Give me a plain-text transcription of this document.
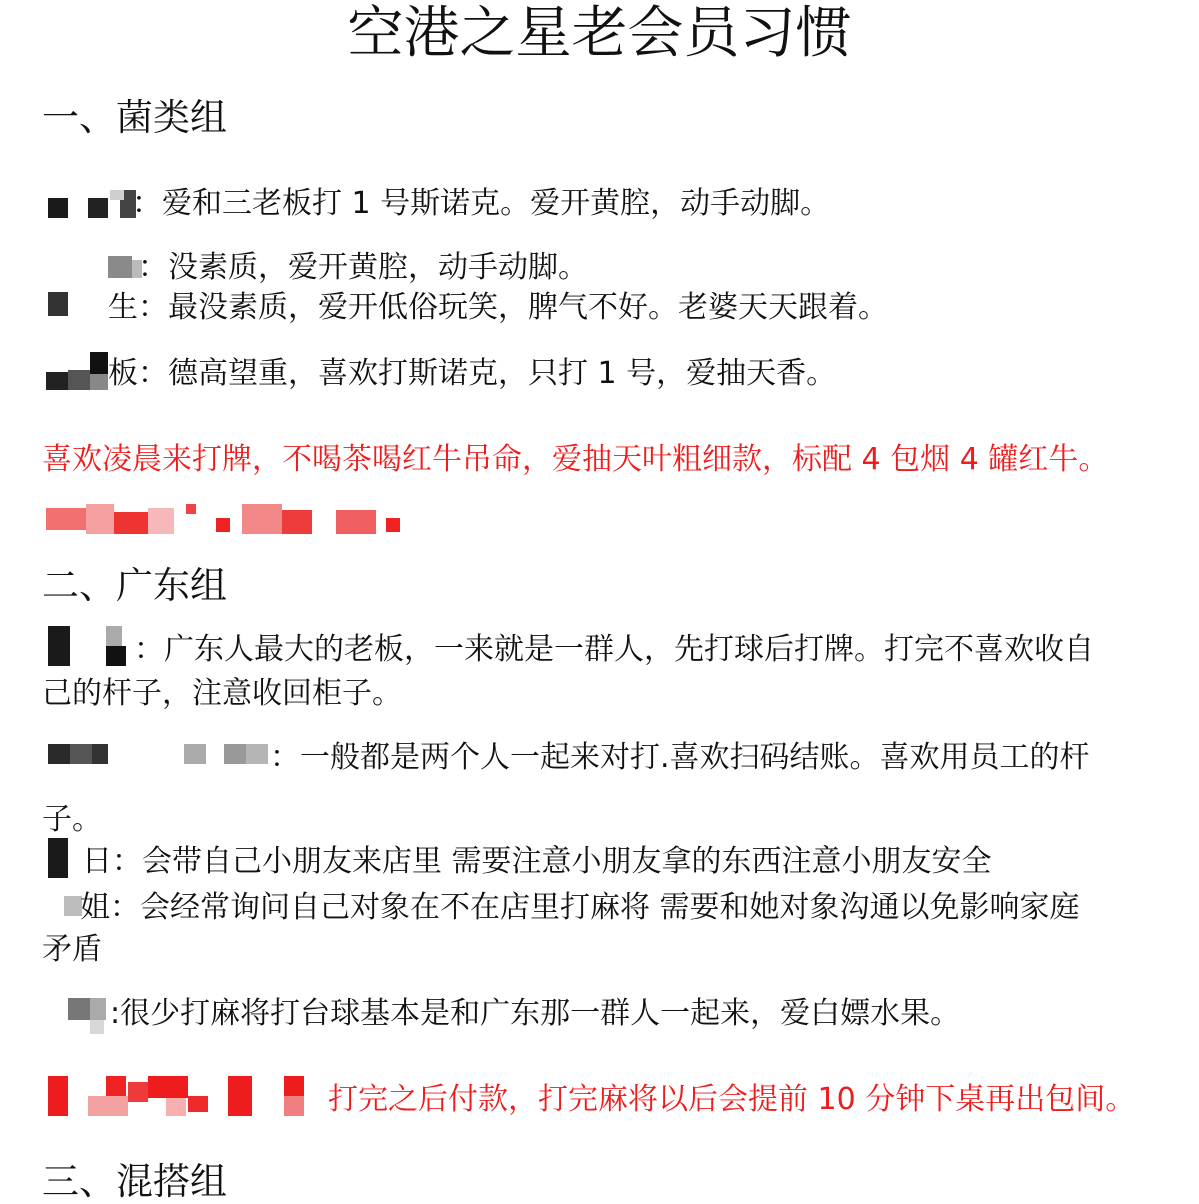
空港之星老会员习惯
一、菌类组
：爱和三老板打 1 号斯诺克。爱开黄腔，动手动脚。
：没素质，爱开黄腔，动手动脚。
生：最没素质，爱开低俗玩笑，脾气不好。老婆天天跟着。
板：德高望重，喜欢打斯诺克，只打 1 号，爱抽天香。
喜欢凌晨来打牌，不喝茶喝红牛吊命，爱抽天叶粗细款，标配 4 包烟 4 罐红牛。
二、广东组
：广东人最大的老板，一来就是一群人，先打球后打牌。打完不喜欢收自
己的杆子，注意收回柜子。
：一般都是两个人一起来对打.喜欢扫码结账。喜欢用员工的杆
子。
日：会带自己小朋友来店里 需要注意小朋友拿的东西注意小朋友安全
姐：会经常询问自己对象在不在店里打麻将 需要和她对象沟通以免影响家庭
矛盾
:很少打麻将打台球基本是和广东那一群人一起来，爱白嫖水果。
打完之后付款，打完麻将以后会提前 10 分钟下桌再出包间。
三、混搭组
